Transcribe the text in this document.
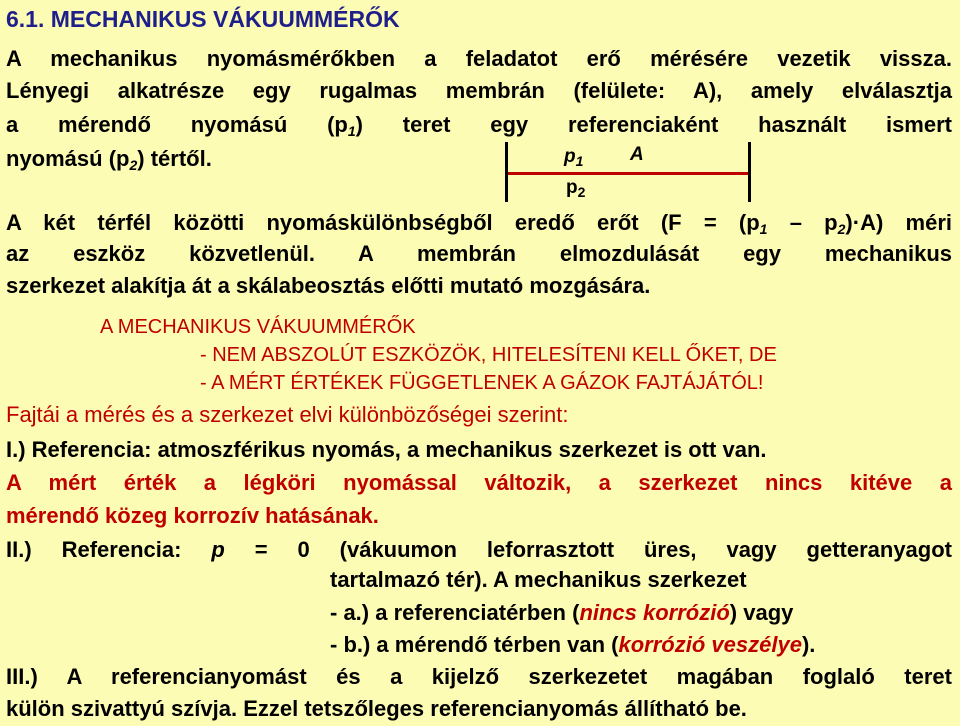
6.1. MECHANIKUS VÁKUUMMÉRŐK
A mechanikus nyomásmérőkben a feladatot erő mérésére vezetik vissza.
Lényegi alkatrésze egy rugalmas membrán (felülete: A), amely elválasztja
a mérendő nyomású $(p_1)$ teret egy referenciaként használt ismert
nyomású $(p_2)$ tértől.	$p_1$ A
$p_2$
A két térfél közötti nyomáskülönbségből eredő erőt $(F = (p_1 - p_2)\cdot A)$ méri
az eszköz közvetlenül. A membrán elmozdulását egy mechanikus
szerkezet alakítja át a skálabeosztás előtti mutató mozgására.
A MECHANIKUS VÁKUUMMÉRŐK
- NEM ABSZOLÚT ESZKÖZÖK, HITELESÍTENI KELL ŐKET, DE
- A MÉRT ÉRTÉKEK FÜGGETLENEK A GÁZOK FAJTÁJÁTÓL!
Fajtái a mérés és a szerkezet elvi különbözőségei szerint:
I.) Referencia: atmoszférikus nyomás, a mechanikus szerkezet is ott van.
A mért érték a légköri nyomással változik, a szerkezet nincs kitéve a
mérendő közeg korrozív hatásának.
II.) Referencia: p = 0 (vákuumon leforrasztott üres, vagy getteranyagot
tartalmazó tér). A mechanikus szerkezet
- a.) a referenciatérben (nincs korrózió) vagy
- b.) a mérendő térben van (korrózió veszélye).
III.) A referencianyomást és a kijelző szerkezetet magában foglaló teret
külön szivattyú szívja. Ezzel tetszőleges referencianyomás állítható be.
